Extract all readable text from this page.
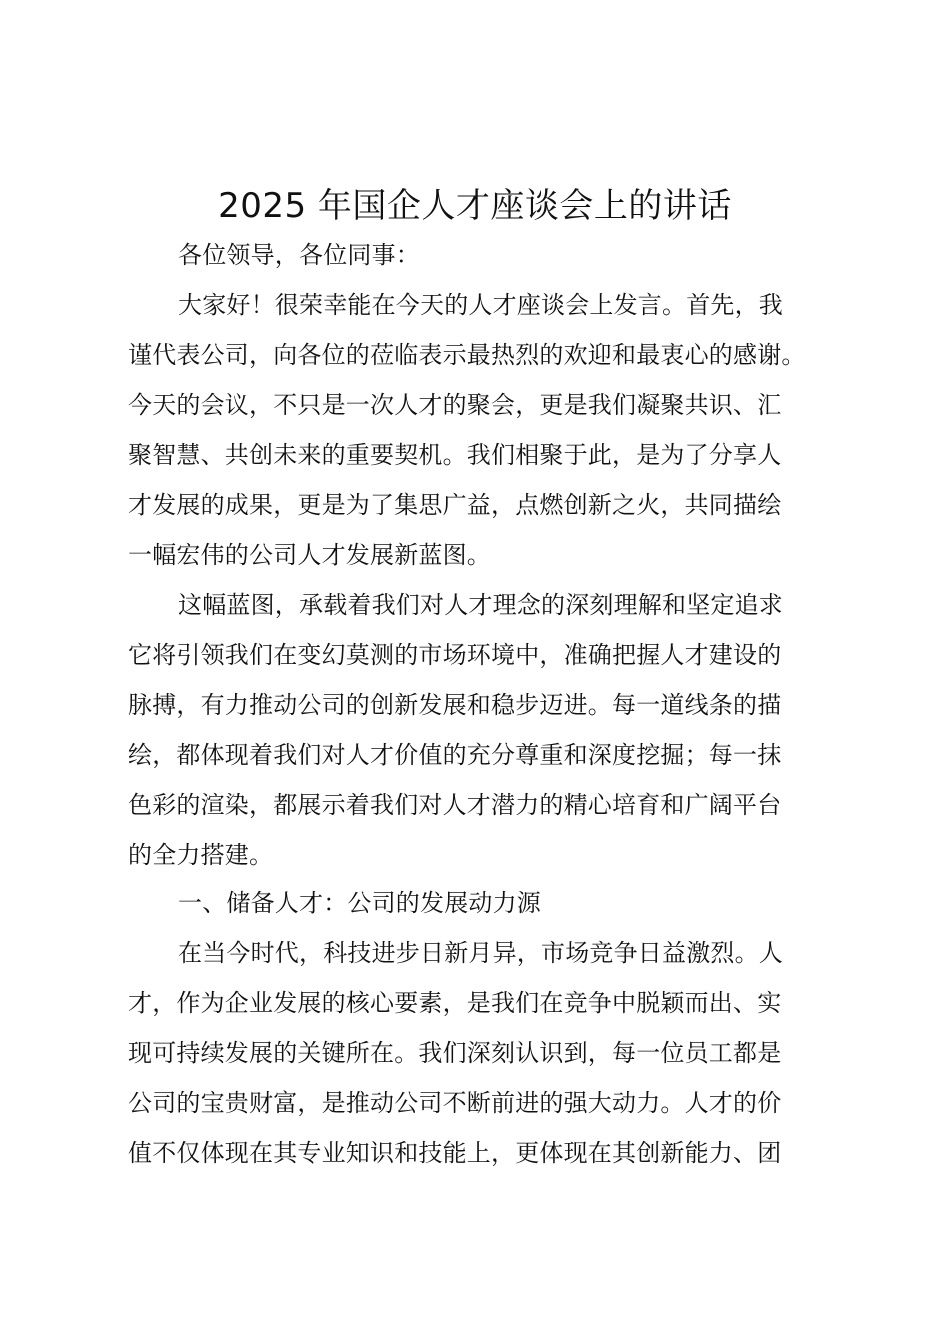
2025 年国企人才座谈会上的讲话
各位领导，各位同事：
大家好！很荣幸能在今天的人才座谈会上发言。首先，我
谨代表公司，向各位的莅临表示最热烈的欢迎和最衷心的感谢。
今天的会议，不只是一次人才的聚会，更是我们凝聚共识、汇
聚智慧、共创未来的重要契机。我们相聚于此，是为了分享人
才发展的成果，更是为了集思广益，点燃创新之火，共同描绘
一幅宏伟的公司人才发展新蓝图。
这幅蓝图，承载着我们对人才理念的深刻理解和坚定追求
它将引领我们在变幻莫测的市场环境中，准确把握人才建设的
脉搏，有力推动公司的创新发展和稳步迈进。每一道线条的描
绘，都体现着我们对人才价值的充分尊重和深度挖掘；每一抹
色彩的渲染，都展示着我们对人才潜力的精心培育和广阔平台
的全力搭建。
一、储备人才：公司的发展动力源
在当今时代，科技进步日新月异，市场竞争日益激烈。人
才，作为企业发展的核心要素，是我们在竞争中脱颖而出、实
现可持续发展的关键所在。我们深刻认识到，每一位员工都是
公司的宝贵财富，是推动公司不断前进的强大动力。人才的价
值不仅体现在其专业知识和技能上，更体现在其创新能力、团
